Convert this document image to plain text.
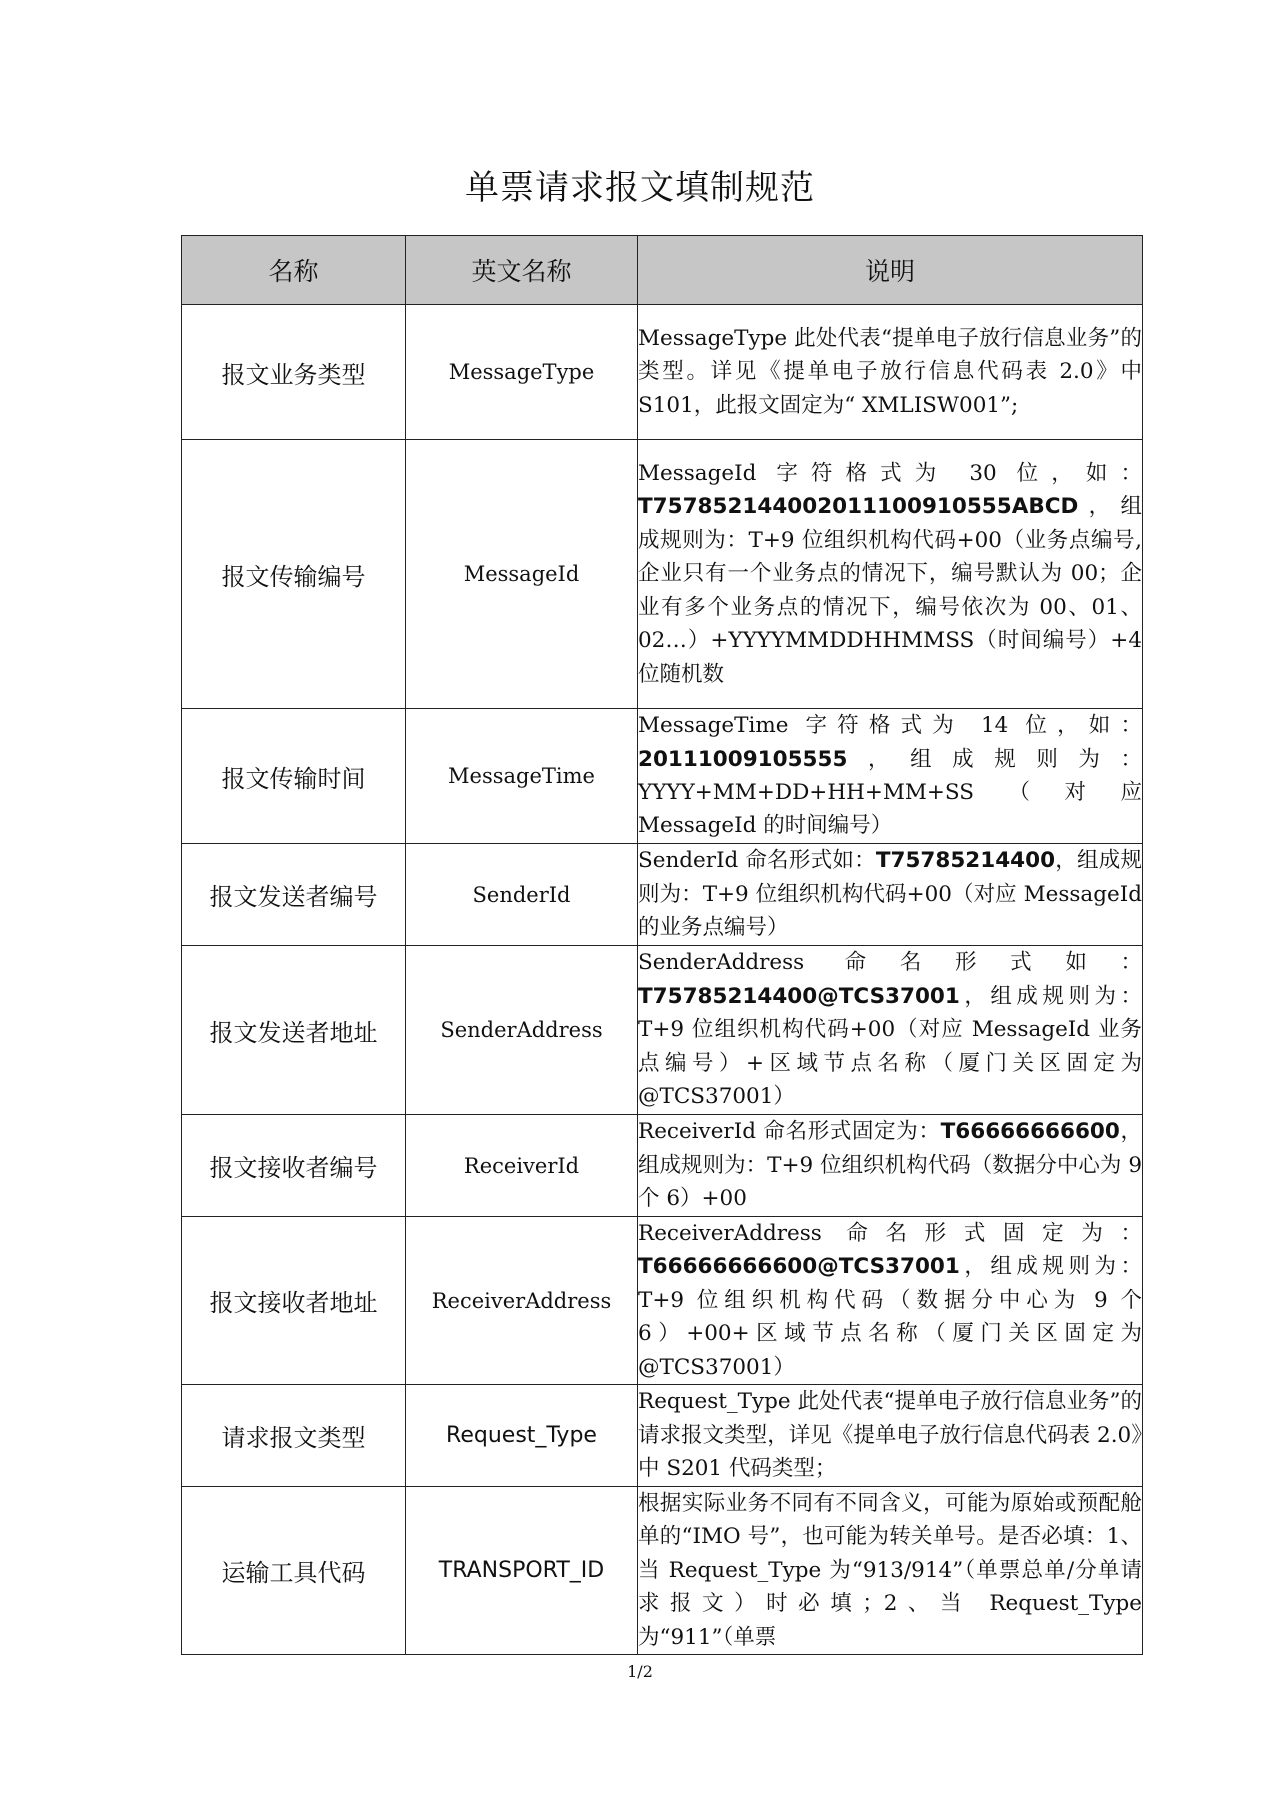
单票请求报文填制规范
名称	英文名称	说明
报文业务类型	MessageType	MessageType 此处代表“提单电子放行信息业务”的类型。详见《提单电子放行信息代码表 2.0》中 S101，此报文固定为“ XMLISW001”;
报文传输编号	MessageId	MessageId 字符格式为 30 位，如：T757852144002011100910555ABCD，组成规则为：T+9 位组织机构代码+00（业务点编号,企业只有一个业务点的情况下，编号默认为 00；企业有多个业务点的情况下，编号依次为 00、01、02…）+YYYYMMDDHHMMSS（时间编号）+4 位随机数
报文传输时间	MessageTime	MessageTime 字符格式为 14 位，如：20111009105555，组成规则为：YYYY+MM+DD+HH+MM+SS（对应 MessageId 的时间编号）
报文发送者编号	SenderId	SenderId 命名形式如：T75785214400，组成规则为：T+9 位组织机构代码+00（对应 MessageId 的业务点编号）
报文发送者地址	SenderAddress	SenderAddress 命名形式如：T75785214400@TCS37001，组成规则为：T+9 位组织机构代码+00（对应 MessageId 业务点编号）+区域节点名称（厦门关区固定为@TCS37001）
报文接收者编号	ReceiverId	ReceiverId 命名形式固定为：T66666666600，组成规则为：T+9 位组织机构代码（数据分中心为 9 个 6）+00
报文接收者地址	ReceiverAddress	ReceiverAddress 命名形式固定为：T66666666600@TCS37001，组成规则为：T+9 位组织机构代码（数据分中心为 9 个 6）+00+区域节点名称（厦门关区固定为@TCS37001）
请求报文类型	Request_Type	Request_Type 此处代表“提单电子放行信息业务”的请求报文类型，详见《提单电子放行信息代码表 2.0》中 S201 代码类型；
运输工具代码	TRANSPORT_ID	根据实际业务不同有不同含义，可能为原始或预配舱单的“IMO 号”，也可能为转关单号。是否必填：1、当 Request_Type 为“913/914”（单票总单/分单请求报文）时必填；2、当 Request_Type 为“911”（单票
1/2
